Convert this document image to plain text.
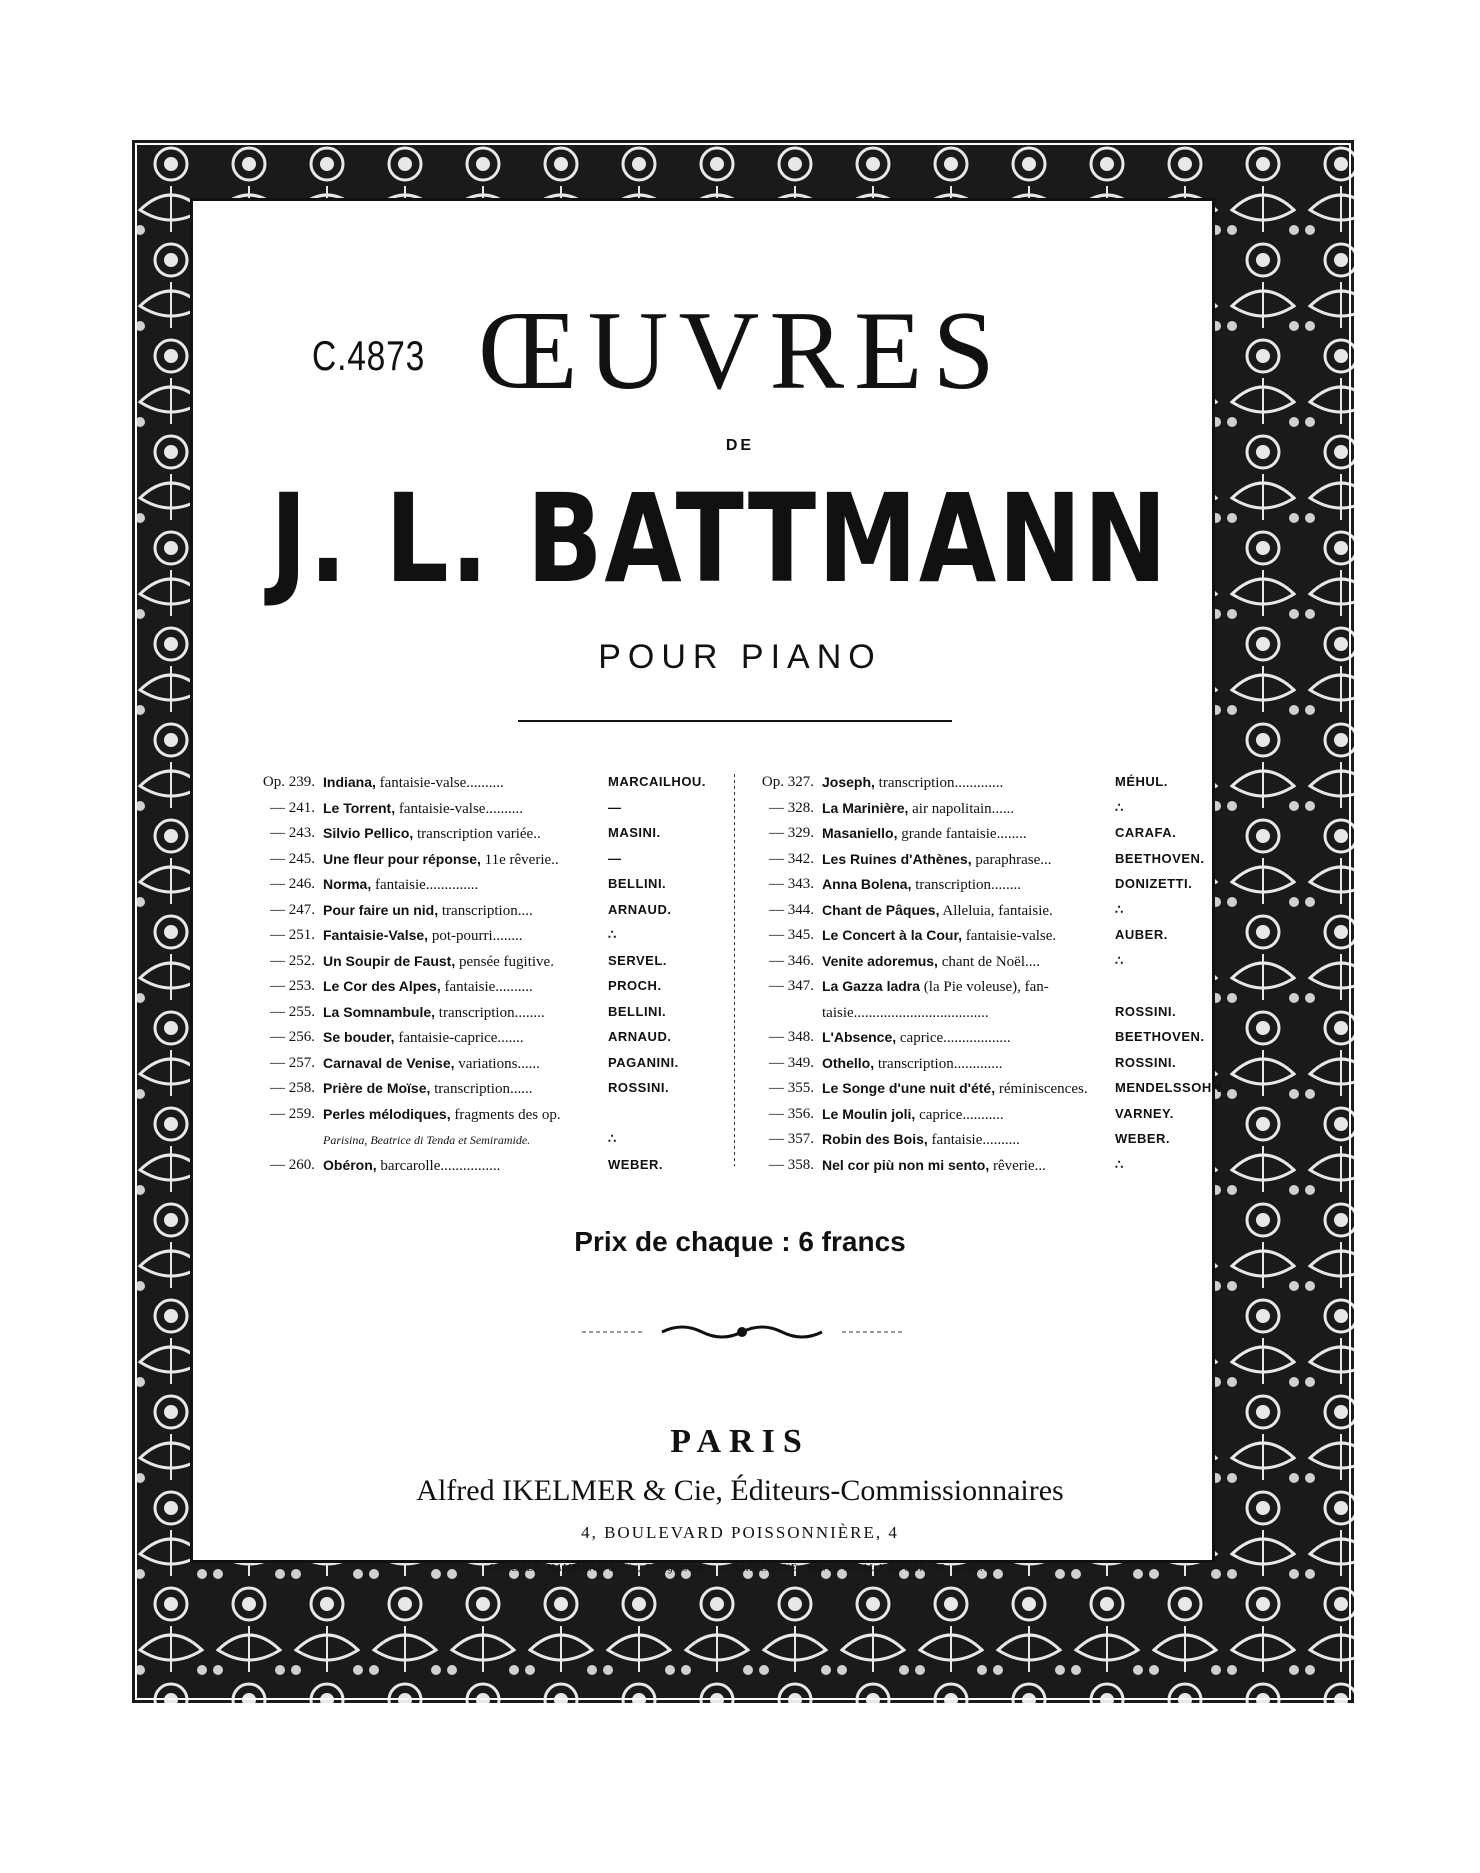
C.4873 ŒUVRES
DE
J. L. BATTMANN
POUR PIANO
Op. 239. Indiana, fantaisie-valse..........	MARCAILHOU.
— 241. Le Torrent, fantaisie-valse..........	—
— 243. Silvio Pellico, transcription variée..	MASINI.
— 245. Une fleur pour réponse, 11e rêverie..	—
— 246. Norma, fantaisie..............	BELLINI.
— 247. Pour faire un nid, transcription....	ARNAUD.
— 251. Fantaisie-Valse, pot-pourri........	∴
— 252. Un Soupir de Faust, pensée fugitive.	SERVEL.
— 253. Le Cor des Alpes, fantaisie..........	PROCH.
— 255. La Somnambule, transcription........	BELLINI.
— 256. Se bouder, fantaisie-caprice.......	ARNAUD.
— 257. Carnaval de Venise, variations......	PAGANINI.
— 258. Prière de Moïse, transcription......	ROSSINI.
— 259. Perles mélodiques, fragments des op.
Parisina, Beatrice di Tenda et Semiramide.	∴
— 260. Obéron, barcarolle................	WEBER.
Op. 327. Joseph, transcription.............	MÉHUL.
— 328. La Marinière, air napolitain......	∴
— 329. Masaniello, grande fantaisie........	CARAFA.
— 342. Les Ruines d'Athènes, paraphrase...	BEETHOVEN.
— 343. Anna Bolena, transcription........	DONIZETTI.
— 344. Chant de Pâques, Alleluia, fantaisie.	∴
— 345. Le Concert à la Cour, fantaisie-valse.	AUBER.
— 346. Venite adoremus, chant de Noël....	∴
— 347. La Gazza ladra (la Pie voleuse), fan-
taisie....................................	ROSSINI.
— 348. L'Absence, caprice..................	BEETHOVEN.
— 349. Othello, transcription.............	ROSSINI.
— 355. Le Songe d'une nuit d'été, réminiscences.	MENDELSSOHN.
— 356. Le Moulin joli, caprice...........	VARNEY.
— 357. Robin des Bois, fantaisie..........	WEBER.
— 358. Nel cor più non mi sento, rêverie...	∴
Prix de chaque : 6 francs
PARIS
Alfred IKELMER & Cie, Éditeurs-Commissionnaires
4, BOULEVARD POISSONNIÈRE, 4
LONDRES, HAMMOND & Cie, 5, Vigo street. — BARCELONE, Andrés VIDAL Y ROGER, 25, calle ...
